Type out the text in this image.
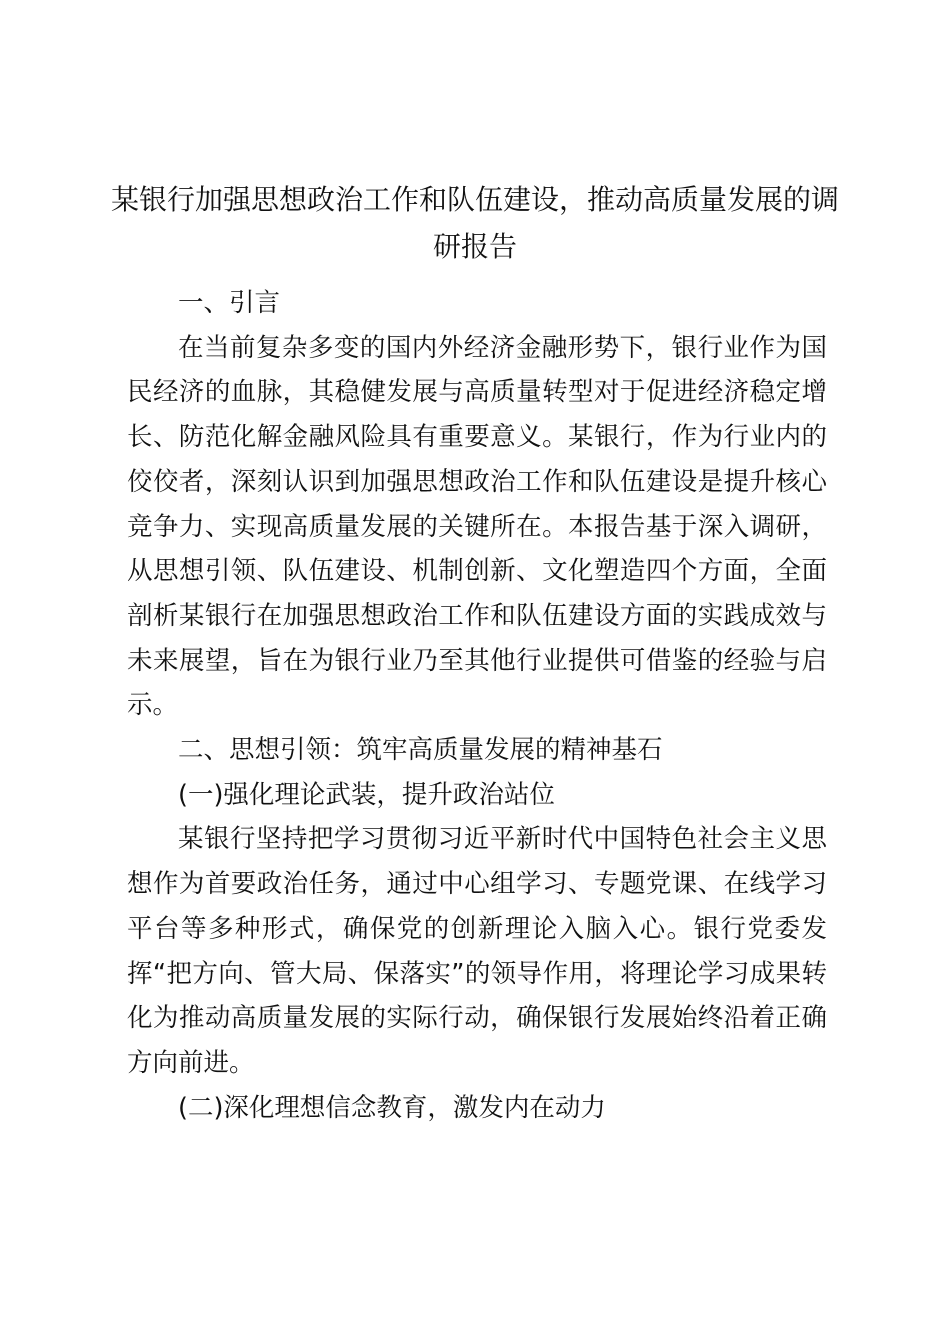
某银行加强思想政治工作和队伍建设，推动高质量发展的调研报告

一、引言

在当前复杂多变的国内外经济金融形势下，银行业作为国民经济的血脉，其稳健发展与高质量转型对于促进经济稳定增长、防范化解金融风险具有重要意义。某银行，作为行业内的佼佼者，深刻认识到加强思想政治工作和队伍建设是提升核心竞争力、实现高质量发展的关键所在。本报告基于深入调研，从思想引领、队伍建设、机制创新、文化塑造四个方面，全面剖析某银行在加强思想政治工作和队伍建设方面的实践成效与未来展望，旨在为银行业乃至其他行业提供可借鉴的经验与启示。

二、思想引领：筑牢高质量发展的精神基石

(一)强化理论武装，提升政治站位

某银行坚持把学习贯彻习近平新时代中国特色社会主义思想作为首要政治任务，通过中心组学习、专题党课、在线学习平台等多种形式，确保党的创新理论入脑入心。银行党委发挥“把方向、管大局、保落实”的领导作用，将理论学习成果转化为推动高质量发展的实际行动，确保银行发展始终沿着正确方向前进。

(二)深化理想信念教育，激发内在动力
